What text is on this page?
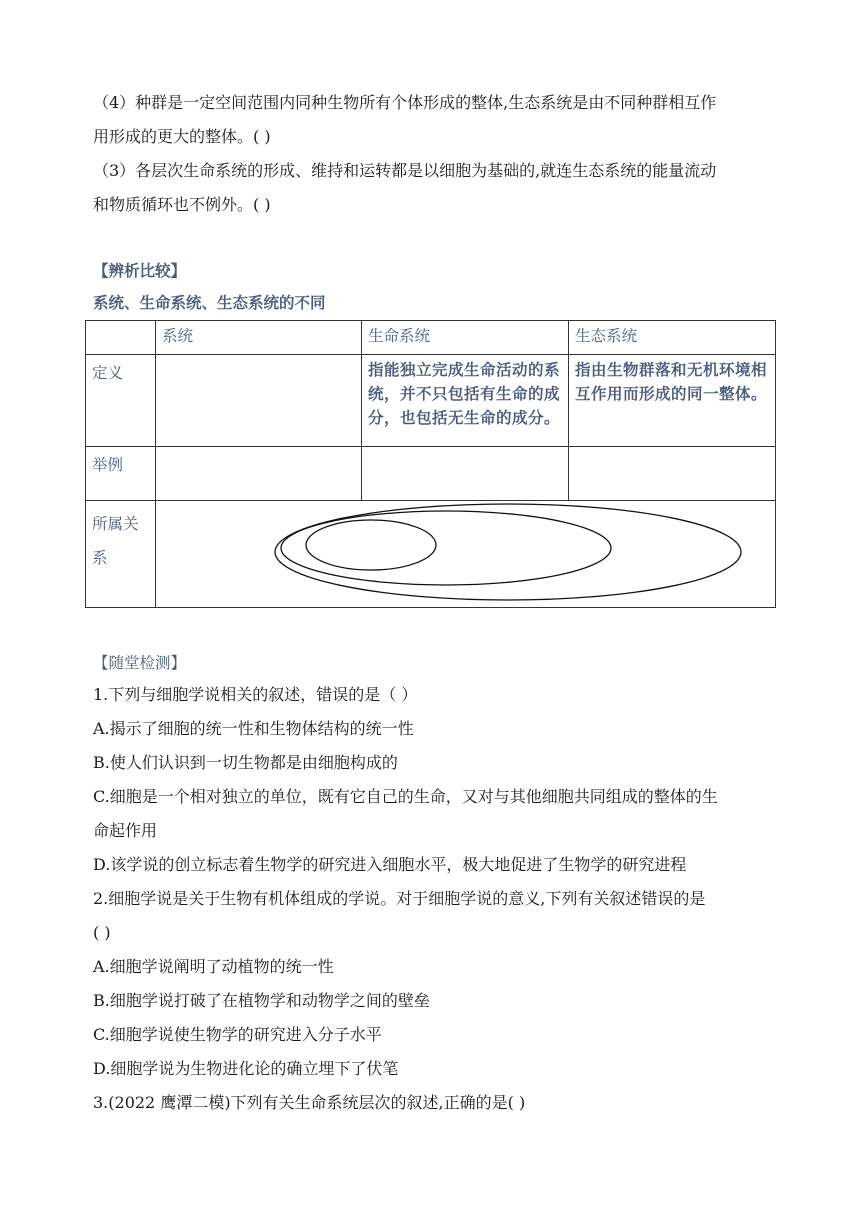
（4）种群是一定空间范围内同种生物所有个体形成的整体,生态系统是由不同种群相互作

用形成的更大的整体。( )

（3）各层次生命系统的形成、维持和运转都是以细胞为基础的,就连生态系统的能量流动

和物质循环也不例外。( )

【辨析比较】

系统、生命系统、生态系统的不同

	系统	生命系统	生态系统
定义		指能独立完成生命活动的系统，并不只包括有生命的成分，也包括无生命的成分。	指由生物群落和无机环境相互作用而形成的同一整体。
举例			
所属关系	

【随堂检测】

1.下列与细胞学说相关的叙述，错误的是（ ）

A.揭示了细胞的统一性和生物体结构的统一性

B.使人们认识到一切生物都是由细胞构成的

C.细胞是一个相对独立的单位，既有它自己的生命，又对与其他细胞共同组成的整体的生

命起作用

D.该学说的创立标志着生物学的研究进入细胞水平，极大地促进了生物学的研究进程

2.细胞学说是关于生物有机体组成的学说。对于细胞学说的意义,下列有关叙述错误的是

( )

A.细胞学说阐明了动植物的统一性

B.细胞学说打破了在植物学和动物学之间的壁垒

C.细胞学说使生物学的研究进入分子水平

D.细胞学说为生物进化论的确立埋下了伏笔

3.(2022 鹰潭二模)下列有关生命系统层次的叙述,正确的是( )
